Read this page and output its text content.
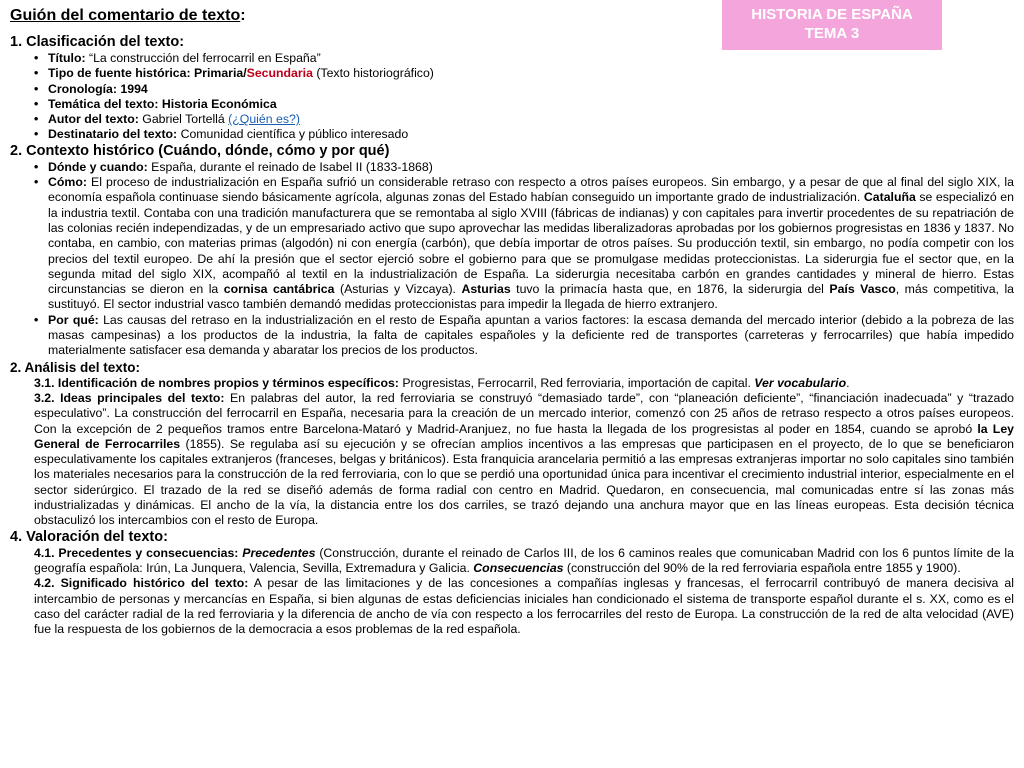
HISTORIA DE ESPAÑA
TEMA 3
Guión del comentario de texto:
1. Clasificación del texto:
• Título: “La construcción del ferrocarril en España”
• Tipo de fuente histórica: Primaria/Secundaria (Texto historiográfico)
• Cronología: 1994
• Temática del texto: Historia Económica
• Autor del texto: Gabriel Tortellá (¿Quién es?)
• Destinatario del texto: Comunidad científica y público interesado
2. Contexto histórico (Cuándo, dónde, cómo y por qué)
• Dónde y cuando: España, durante el reinado de Isabel II (1833-1868)
• Cómo: El proceso de industrialización en España sufrió un considerable retraso con respecto a otros países europeos. Sin embargo, y a pesar de que al final del siglo XIX, la economía española continuase siendo básicamente agrícola, algunas zonas del Estado habían conseguido un importante grado de industrialización. Cataluña se especializó en la industria textil. Contaba con una tradición manufacturera que se remontaba al siglo XVIII (fábricas de indianas) y con capitales para invertir procedentes de su repatriación de las colonias recién independizadas, y de un empresariado activo que supo aprovechar las medidas liberalizadoras aprobadas por los gobiernos progresistas en 1836 y 1837. No contaba, en cambio, con materias primas (algodón) ni con energía (carbón), que debía importar de otros países. Su producción textil, sin embargo, no podía competir con los precios del textil europeo. De ahí la presión que el sector ejerció sobre el gobierno para que se promulgase medidas proteccionistas. La siderurgia fue el sector que, en la segunda mitad del siglo XIX, acompañó al textil en la industrialización de España. La siderurgia necesitaba carbón en grandes cantidades y mineral de hierro. Estas circunstancias se dieron en la cornisa cantábrica (Asturias y Vizcaya). Asturias tuvo la primacía hasta que, en 1876, la siderurgia del País Vasco, más competitiva, la sustituyó. El sector industrial vasco también demandó medidas proteccionistas para impedir la llegada de hierro extranjero.
• Por qué: Las causas del retraso en la industrialización en el resto de España apuntan a varios factores: la escasa demanda del mercado interior (debido a la pobreza de las masas campesinas) a los productos de la industria, la falta de capitales españoles y la deficiente red de transportes (carreteras y ferrocarriles) que había impedido materialmente satisfacer esa demanda y abaratar los precios de los productos.
2. Análisis del texto:

3.1. Identificación de nombres propios y términos específicos: Progresistas, Ferrocarril, Red ferroviaria, importación de capital. Ver vocabulario.

3.2. Ideas principales del texto: En palabras del autor, la red ferroviaria se construyó “demasiado tarde”, con “planeación deficiente”, “financiación inadecuada” y “trazado especulativo”. La construcción del ferrocarril en España, necesaria para la creación de un mercado interior, comenzó con 25 años de retraso respecto a otros países europeos. Con la excepción de 2 pequeños tramos entre Barcelona-Mataró y Madrid-Aranjuez, no fue hasta la llegada de los progresistas al poder en 1854, cuando se aprobó la Ley General de Ferrocarriles (1855). Se regulaba así su ejecución y se ofrecían amplios incentivos a las empresas que participasen en el proyecto, de lo que se beneficiaron especulativamente los capitales extranjeros (franceses, belgas y británicos). Esta franquicia arancelaria permitió a las empresas extranjeras importar no solo capitales sino también los materiales necesarios para la construcción de la red ferroviaria, con lo que se perdió una oportunidad única para incentivar el crecimiento industrial interior, especialmente en el sector siderúrgico. El trazado de la red se diseñó además de forma radial con centro en Madrid. Quedaron, en consecuencia, mal comunicadas entre sí las zonas más industrializadas y dinámicas. El ancho de la vía, la distancia entre los dos carriles, se trazó dejando una anchura mayor que en las líneas europeas. Esta decisión técnica obstaculizó los intercambios con el resto de Europa.

4. Valoración del texto:

4.1. Precedentes y consecuencias: Precedentes (Construcción, durante el reinado de Carlos III, de los 6 caminos reales que comunicaban Madrid con los 6 puntos límite de la geografía española: Irún, La Junquera, Valencia, Sevilla, Extremadura y Galicia. Consecuencias (construcción del 90% de la red ferroviaria española entre 1855 y 1900).

4.2. Significado histórico del texto: A pesar de las limitaciones y de las concesiones a compañías inglesas y francesas, el ferrocarril contribuyó de manera decisiva al intercambio de personas y mercancías en España, si bien algunas de estas deficiencias iniciales han condicionado el sistema de transporte español durante el s. XX, como es el caso del carácter radial de la red ferroviaria y la diferencia de ancho de vía con respecto a los ferrocarriles del resto de Europa. La construcción de la red de alta velocidad (AVE) fue la respuesta de los gobiernos de la democracia a esos problemas de la red española.
